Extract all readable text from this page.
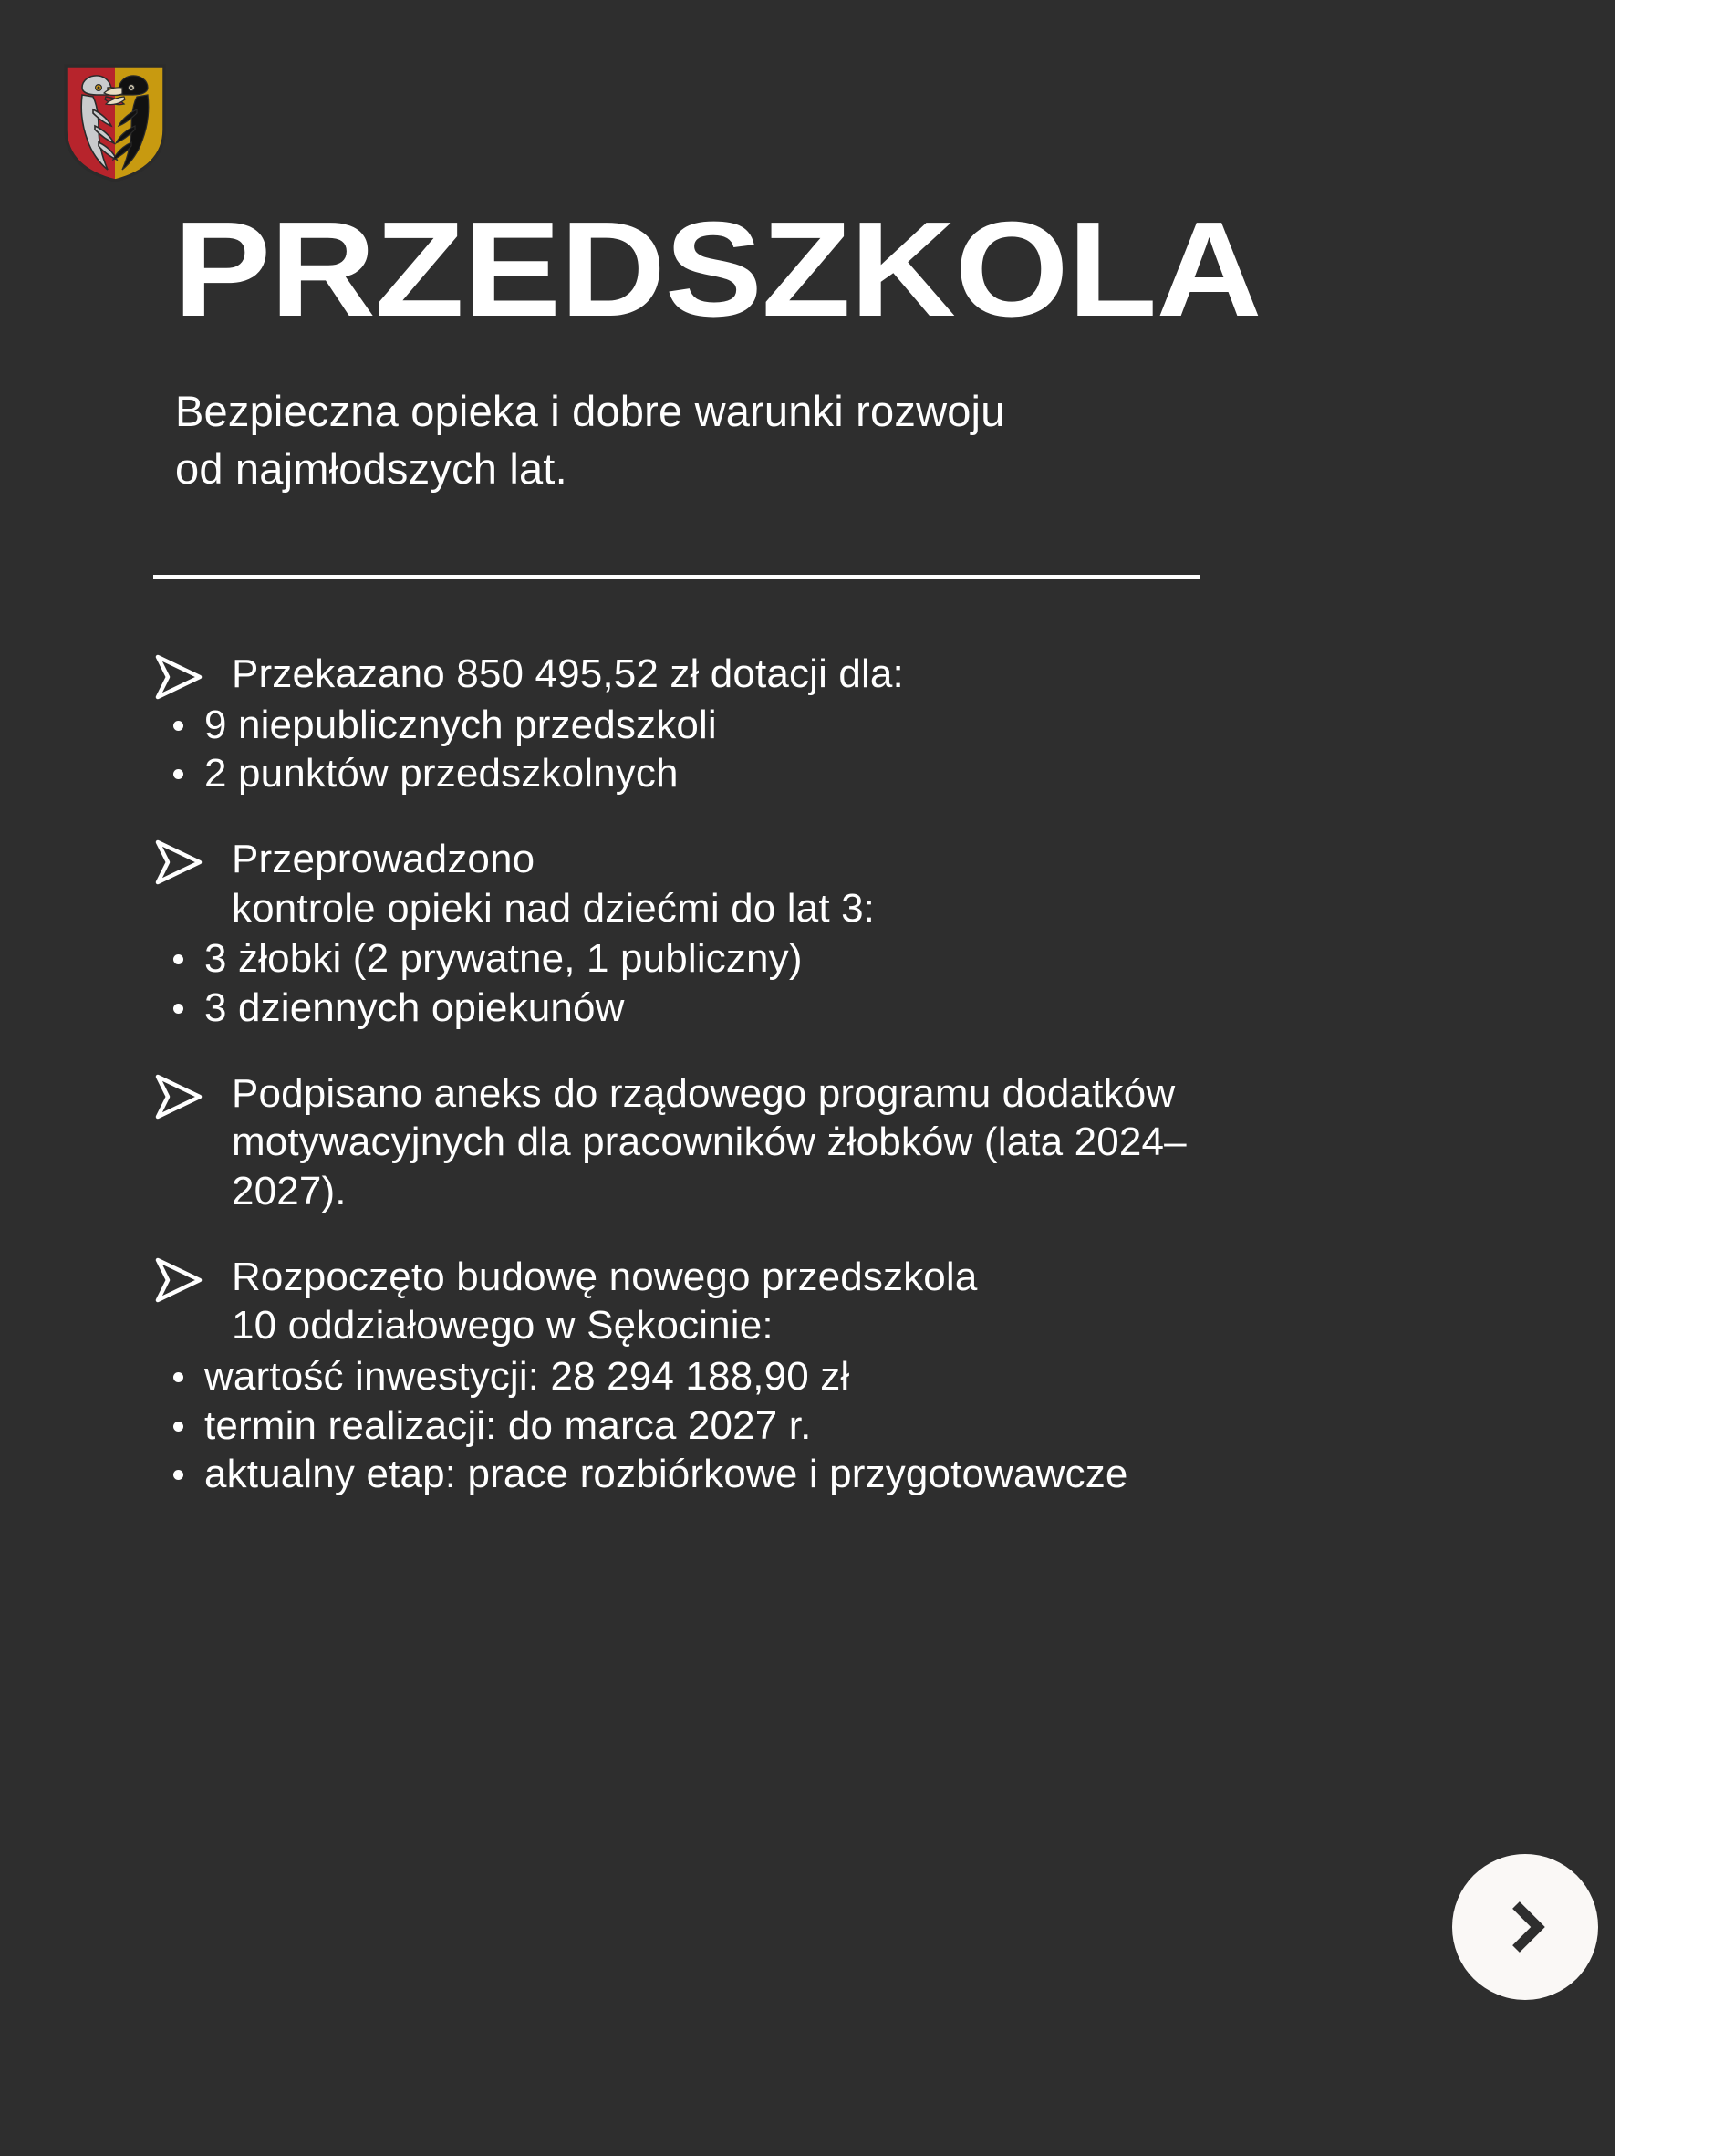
PRZEDSZKOLA
Bezpieczna opieka i dobre warunki rozwoju
od najmłodszych lat.
Przekazano 850 495,52 zł dotacji dla:
9 niepublicznych przedszkoli
2 punktów przedszkolnych
Przeprowadzono
kontrole opieki nad dziećmi do lat 3:
3 żłobki (2 prywatne, 1 publiczny)
3 dziennych opiekunów
Podpisano aneks do rządowego programu dodatków
motywacyjnych dla pracowników żłobków (lata 2024–
2027).
Rozpoczęto budowę nowego przedszkola
10 oddziałowego w Sękocinie:
wartość inwestycji: 28 294 188,90 zł
termin realizacji: do marca 2027 r.
aktualny etap: prace rozbiórkowe i przygotowawcze
